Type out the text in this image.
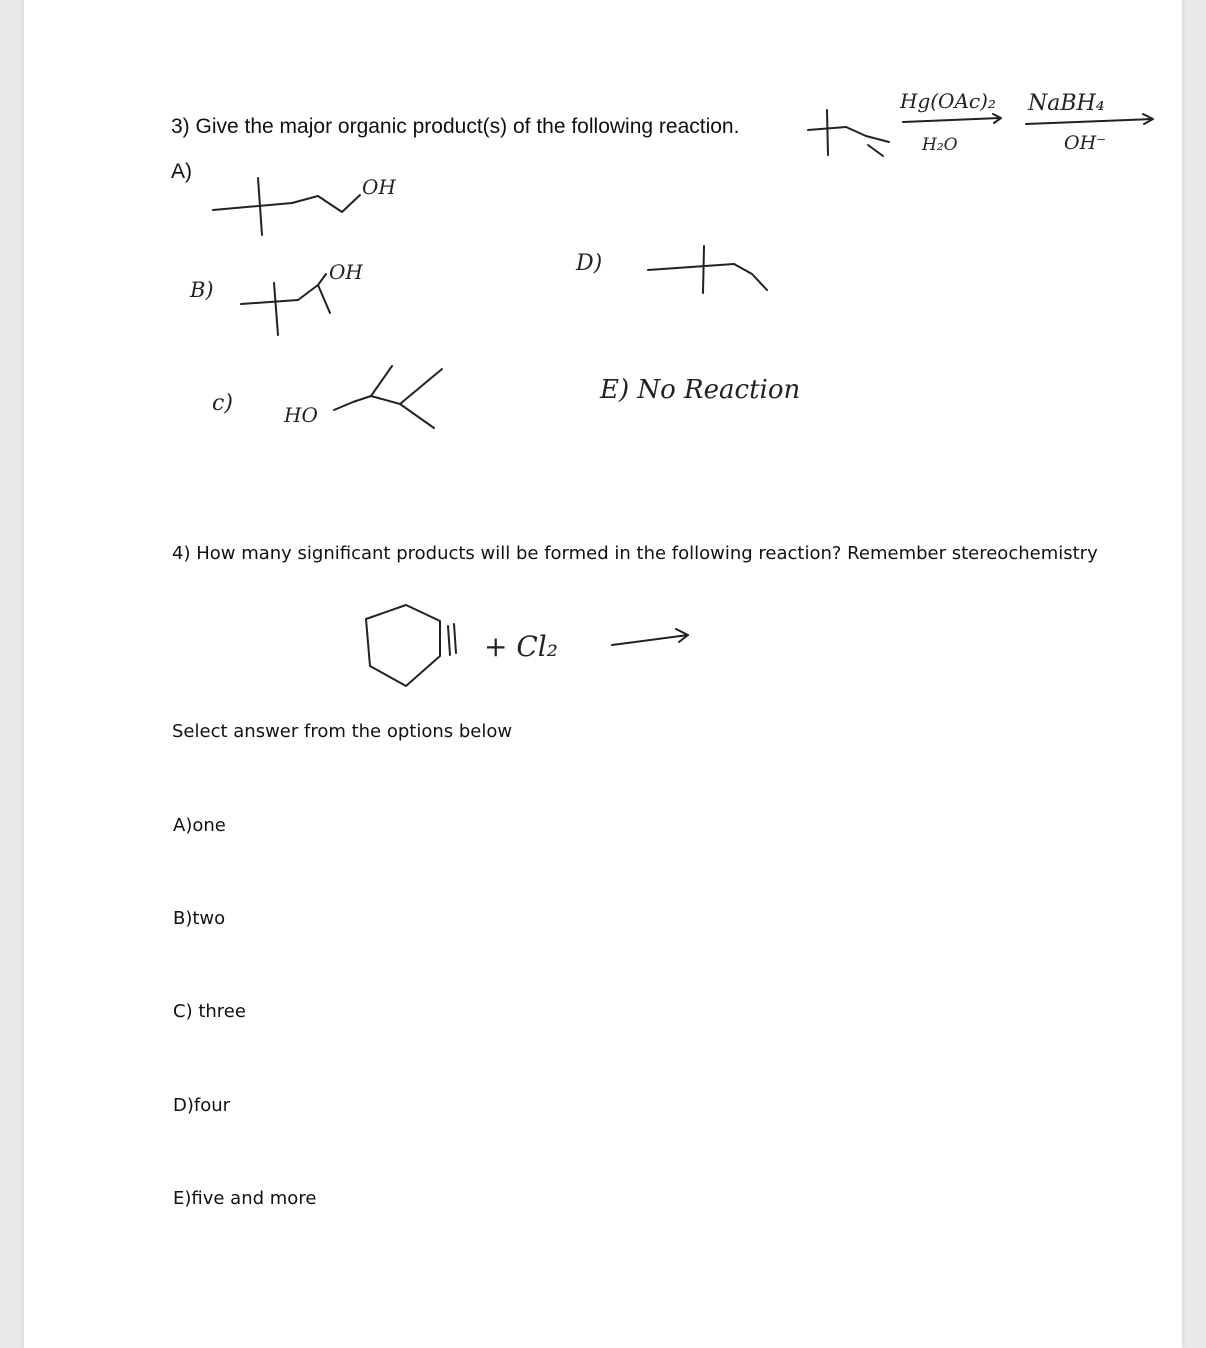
3) Give the major organic product(s) of the following reaction.
A)
Hg(OAc)₂
H₂O
NaBH₄
OH⁻
OH
B)
OH
c)	HO
D)
E) No Reaction
+ Cl₂
4) How many significant products will be formed in the following reaction? Remember stereochemistry
Select answer from the options below
A)one
B)two
C) three
D)four
E)five and more
